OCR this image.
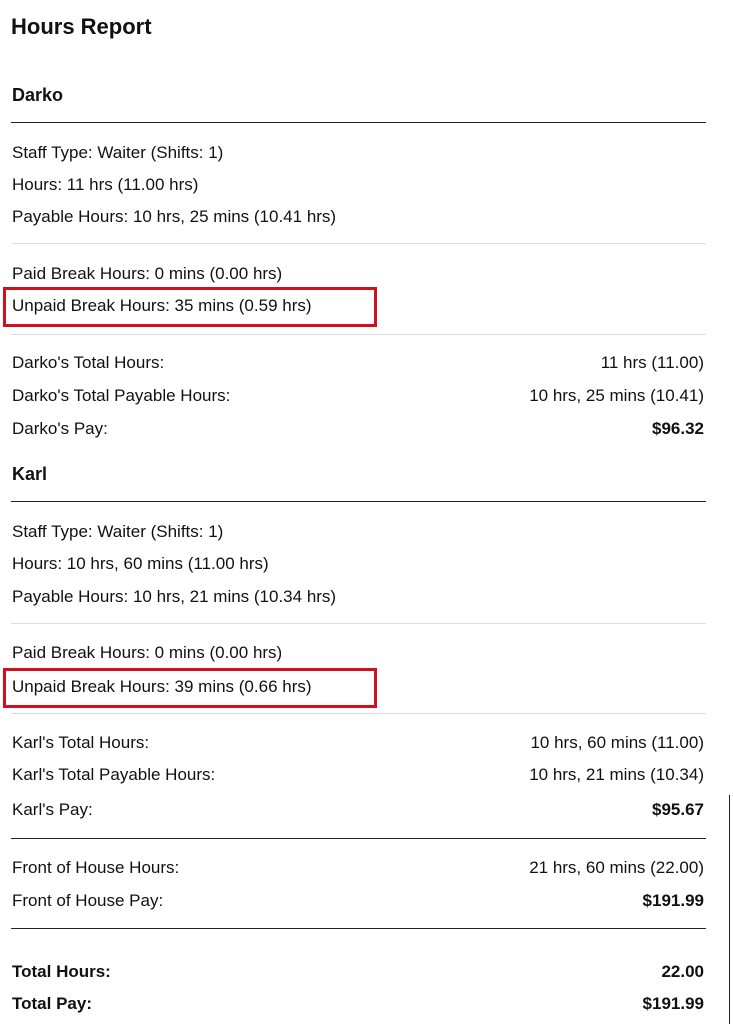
Hours Report
Darko
Staff Type: Waiter (Shifts: 1)
Hours: 11 hrs (11.00 hrs)
Payable Hours: 10 hrs, 25 mins (10.41 hrs)
Paid Break Hours: 0 mins (0.00 hrs)
Unpaid Break Hours: 35 mins (0.59 hrs)
Darko's Total Hours:	11 hrs (11.00)
Darko's Total Payable Hours:	10 hrs, 25 mins (10.41)
Darko's Pay:	$96.32
Karl
Staff Type: Waiter (Shifts: 1)
Hours: 10 hrs, 60 mins (11.00 hrs)
Payable Hours: 10 hrs, 21 mins (10.34 hrs)
Paid Break Hours: 0 mins (0.00 hrs)
Unpaid Break Hours: 39 mins (0.66 hrs)
Karl's Total Hours:	10 hrs, 60 mins (11.00)
Karl's Total Payable Hours:	10 hrs, 21 mins (10.34)
Karl's Pay:	$95.67
Front of House Hours:	21 hrs, 60 mins (22.00)
Front of House Pay:	$191.99
Total Hours:	22.00
Total Pay:	$191.99
